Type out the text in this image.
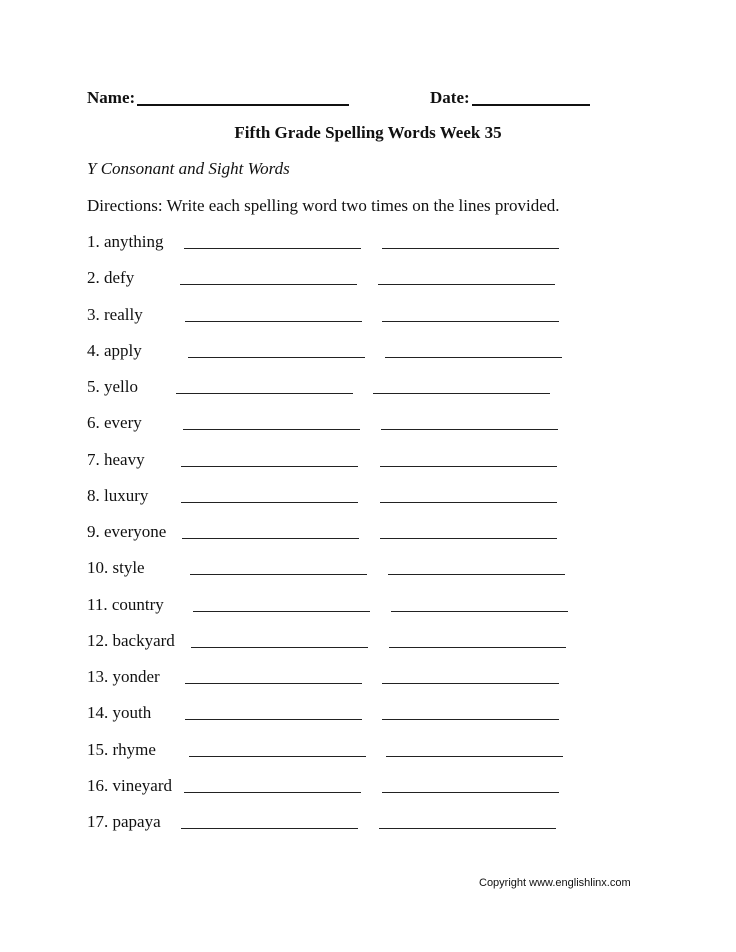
Name:	Date:
Fifth Grade Spelling Words Week 35
Y Consonant and Sight Words
Directions: Write each spelling word two times on the lines provided.
1. anything
2. defy
3. really
4. apply
5. yello
6. every
7. heavy
8. luxury
9. everyone
10. style
11. country
12. backyard
13. yonder
14. youth
15. rhyme
16. vineyard
17. papaya
Copyright www.englishlinx.com
